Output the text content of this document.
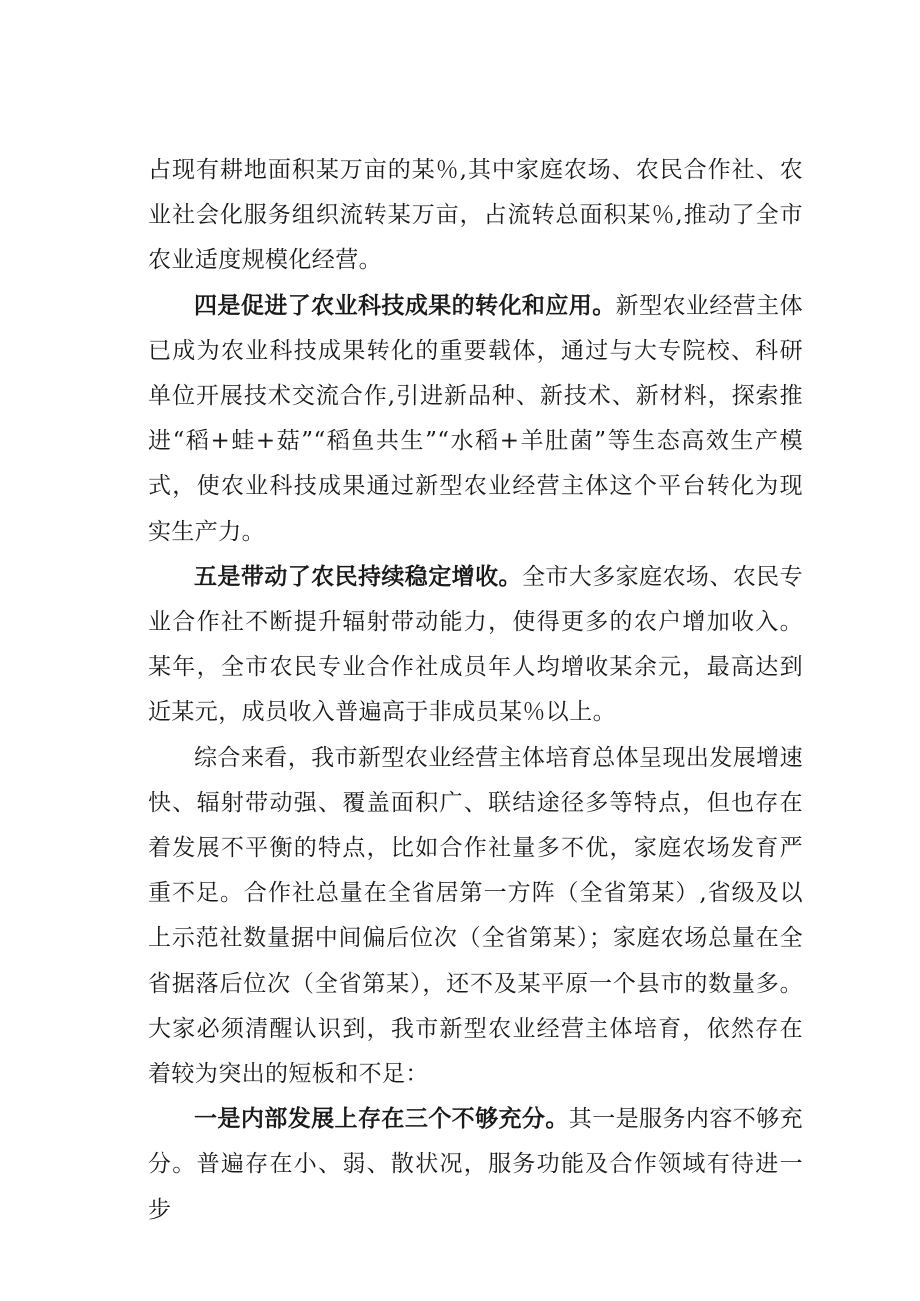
占现有耕地面积某万亩的某％,其中家庭农场、农民合作社、农业社会化服务组织流转某万亩，占流转总面积某％,推动了全市农业适度规模化经营。

四是促进了农业科技成果的转化和应用。新型农业经营主体已成为农业科技成果转化的重要载体，通过与大专院校、科研单位开展技术交流合作,引进新品种、新技术、新材料，探索推进“稻+蛙+菇”“稻鱼共生”“水稻+羊肚菌”等生态高效生产模式，使农业科技成果通过新型农业经营主体这个平台转化为现实生产力。

五是带动了农民持续稳定增收。全市大多家庭农场、农民专业合作社不断提升辐射带动能力，使得更多的农户增加收入。某年，全市农民专业合作社成员年人均增收某余元，最高达到近某元，成员收入普遍高于非成员某％以上。

综合来看，我市新型农业经营主体培育总体呈现出发展增速快、辐射带动强、覆盖面积广、联结途径多等特点，但也存在着发展不平衡的特点，比如合作社量多不优，家庭农场发育严重不足。合作社总量在全省居第一方阵（全省第某）,省级及以上示范社数量据中间偏后位次（全省第某）；家庭农场总量在全省据落后位次（全省第某），还不及某平原一个县市的数量多。大家必须清醒认识到，我市新型农业经营主体培育，依然存在着较为突出的短板和不足：

一是内部发展上存在三个不够充分。其一是服务内容不够充分。普遍存在小、弱、散状况，服务功能及合作领域有待进一步
